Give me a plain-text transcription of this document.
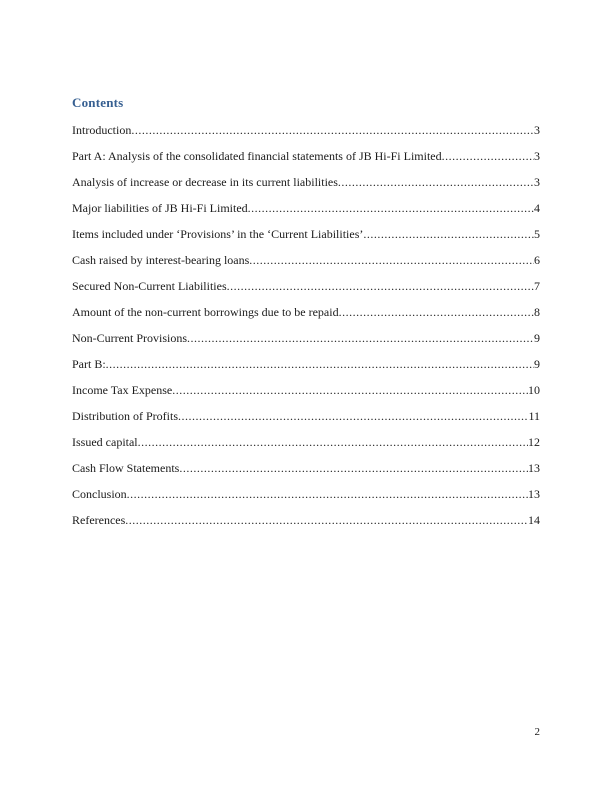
Contents
Introduction .....	3
Part A: Analysis of the consolidated financial statements of JB Hi-Fi Limited .....	3
Analysis of increase or decrease in its current liabilities .....	3
Major liabilities of JB Hi-Fi Limited .....	4
Items included under ‘Provisions’ in the ‘Current Liabilities’ .....	5
Cash raised by interest-bearing loans .....	6
Secured Non-Current Liabilities .....	7
Amount of the non-current borrowings due to be repaid .....	8
Non-Current Provisions .....	9
Part B: .....	9
Income Tax Expense .....	10
Distribution of Profits .....	11
Issued capital .....	12
Cash Flow Statements .....	13
Conclusion .....	13
References .....	14
2
